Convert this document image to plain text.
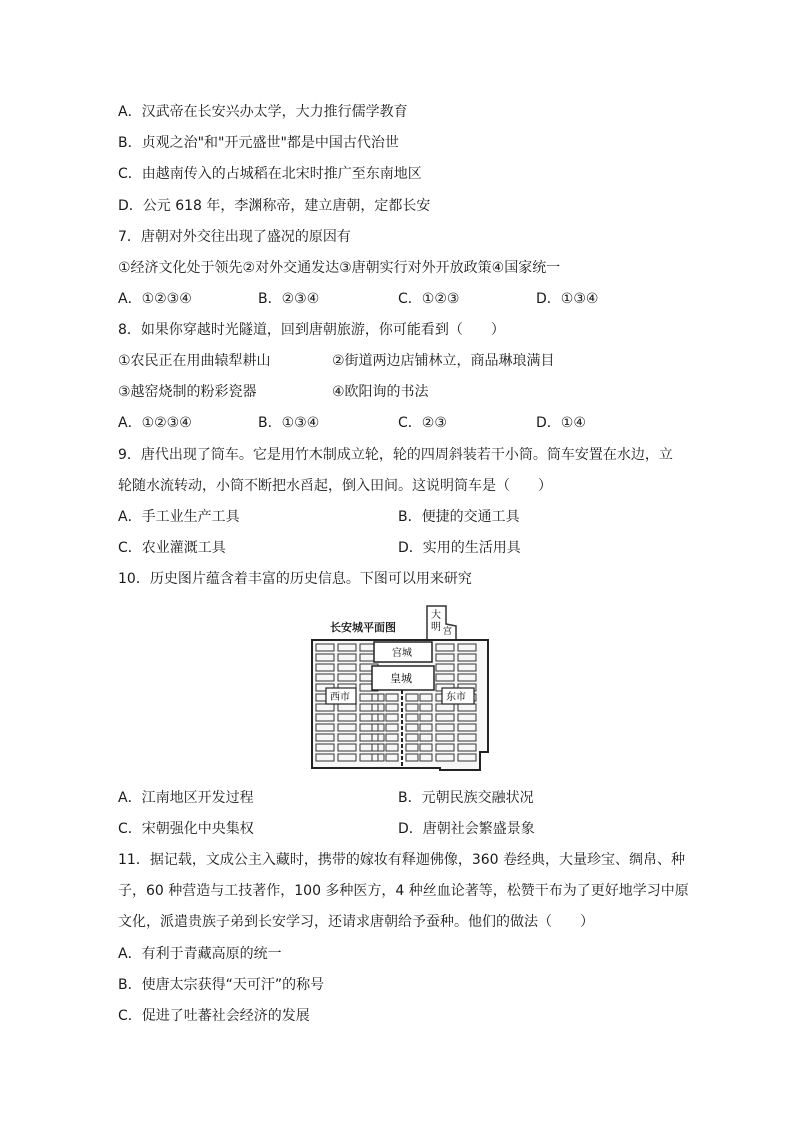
A．汉武帝在长安兴办太学，大力推行儒学教育
B．贞观之治"和"开元盛世"都是中国古代治世
C．由越南传入的占城稻在北宋时推广至东南地区
D．公元 618 年，李渊称帝，建立唐朝，定都长安
7．唐朝对外交往出现了盛况的原因有
①经济文化处于领先②对外交通发达③唐朝实行对外开放政策④国家统一
A．①②③④	B．②③④	C．①②③	D．①③④
8．如果你穿越时光隧道，回到唐朝旅游，你可能看到（　　）
①农民正在用曲辕犁耕山	②街道两边店铺林立，商品琳琅满目
③越窑烧制的粉彩瓷器	④欧阳询的书法
A．①②③④	B．①③④	C．②③	D．①④
9．唐代出现了筒车。它是用竹木制成立轮，轮的四周斜装若干小筒。筒车安置在水边，立
轮随水流转动，小筒不断把水舀起，倒入田间。这说明筒车是（　　）
A．手工业生产工具	B．便捷的交通工具
C．农业灌溉工具	D．实用的生活用具
10．历史图片蕴含着丰富的历史信息。下图可以用来研究
大
明 宫
宫城
皇城
西市	东市
长安城平面图
A．江南地区开发过程	B．元朝民族交融状况
C．宋朝强化中央集权	D．唐朝社会繁盛景象
11．据记载，文成公主入藏时，携带的嫁妆有释迦佛像，360 卷经典，大量珍宝、绸帛、种
子，60 种营造与工技著作，100 多种医方，4 种丝血论著等，松赞干布为了更好地学习中原
文化，派遣贵族子弟到长安学习，还请求唐朝给予蚕种。他们的做法（　　）
A．有利于青藏高原的统一
B．使唐太宗获得“天可汗”的称号
C．促进了吐蕃社会经济的发展
